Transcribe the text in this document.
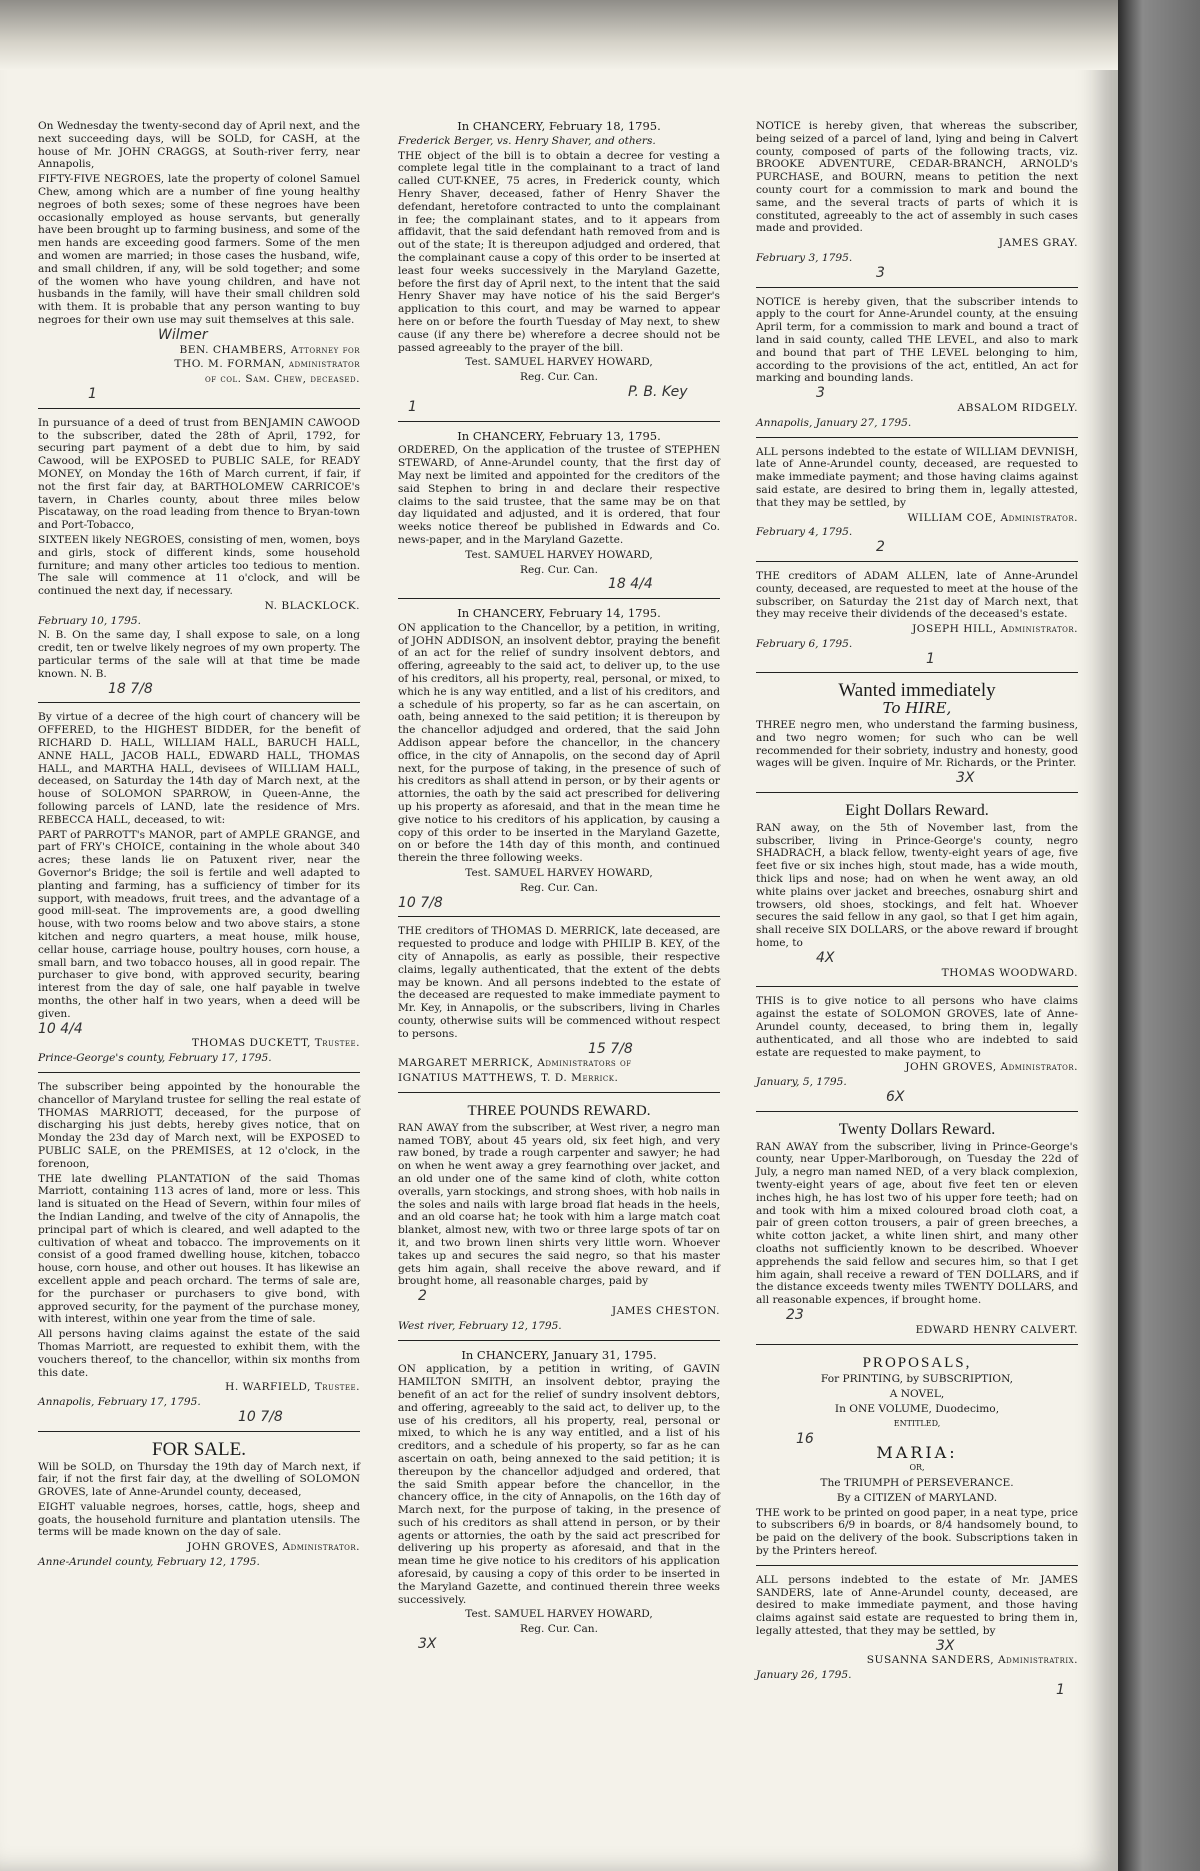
On Wednesday the twenty-second day of April next, and the next succeeding days, will be SOLD, for CASH, at the house of Mr. JOHN CRAGGS, at South-river ferry, near Annapolis,

FIFTY-FIVE NEGROES, late the property of colonel Samuel Chew, among which are a number of fine young healthy negroes of both sexes; some of these negroes have been occasionally employed as house servants, but generally have been brought up to farming business, and some of the men hands are exceeding good farmers. Some of the men and women are married; in those cases the husband, wife, and small children, if any, will be sold together; and some of the women who have young children, and have not husbands in the family, will have their small children sold with them. It is probable that any person wanting to buy negroes for their own use may suit themselves at this sale.

Wilmer

BEN. CHAMBERS, Attorney for

THO. M. FORMAN, administrator

of col. Sam. Chew, deceased.

1

In pursuance of a deed of trust from BENJAMIN CAWOOD to the subscriber, dated the 28th of April, 1792, for securing part payment of a debt due to him, by said Cawood, will be EXPOSED to PUBLIC SALE, for READY MONEY, on Monday the 16th of March current, if fair, if not the first fair day, at BARTHOLOMEW CARRICOE's tavern, in Charles county, about three miles below Piscataway, on the road leading from thence to Bryan-town and Port-Tobacco,

SIXTEEN likely NEGROES, consisting of men, women, boys and girls, stock of different kinds, some household furniture; and many other articles too tedious to mention. The sale will commence at 11 o'clock, and will be continued the next day, if necessary.

N. BLACKLOCK.

February 10, 1795.

N. B. On the same day, I shall expose to sale, on a long credit, ten or twelve likely negroes of my own property. The particular terms of the sale will at that time be made known. N. B.

18 7/8

By virtue of a decree of the high court of chancery will be OFFERED, to the HIGHEST BIDDER, for the benefit of RICHARD D. HALL, WILLIAM HALL, BARUCH HALL, ANNE HALL, JACOB HALL, EDWARD HALL, THOMAS HALL, and MARTHA HALL, devisees of WILLIAM HALL, deceased, on Saturday the 14th day of March next, at the house of SOLOMON SPARROW, in Queen-Anne, the following parcels of LAND, late the residence of Mrs. REBECCA HALL, deceased, to wit:

PART of PARROTT's MANOR, part of AMPLE GRANGE, and part of FRY's CHOICE, containing in the whole about 340 acres; these lands lie on Patuxent river, near the Governor's Bridge; the soil is fertile and well adapted to planting and farming, has a sufficiency of timber for its support, with meadows, fruit trees, and the advantage of a good mill-seat. The improvements are, a good dwelling house, with two rooms below and two above stairs, a stone kitchen and negro quarters, a meat house, milk house, cellar house, carriage house, poultry houses, corn house, a small barn, and two tobacco houses, all in good repair. The purchaser to give bond, with approved security, bearing interest from the day of sale, one half payable in twelve months, the other half in two years, when a deed will be given.

10 4/4

THOMAS DUCKETT, Trustee.

Prince-George's county, February 17, 1795.

The subscriber being appointed by the honourable the chancellor of Maryland trustee for selling the real estate of THOMAS MARRIOTT, deceased, for the purpose of discharging his just debts, hereby gives notice, that on Monday the 23d day of March next, will be EXPOSED to PUBLIC SALE, on the PREMISES, at 12 o'clock, in the forenoon,

THE late dwelling PLANTATION of the said Thomas Marriott, containing 113 acres of land, more or less. This land is situated on the Head of Severn, within four miles of the Indian Landing, and twelve of the city of Annapolis, the principal part of which is cleared, and well adapted to the cultivation of wheat and tobacco. The improvements on it consist of a good framed dwelling house, kitchen, tobacco house, corn house, and other out houses. It has likewise an excellent apple and peach orchard. The terms of sale are, for the purchaser or purchasers to give bond, with approved security, for the payment of the purchase money, with interest, within one year from the time of sale.

All persons having claims against the estate of the said Thomas Marriott, are requested to exhibit them, with the vouchers thereof, to the chancellor, within six months from this date.

H. WARFIELD, Trustee.

Annapolis, February 17, 1795.

10 7/8

FOR SALE.

Will be SOLD, on Thursday the 19th day of March next, if fair, if not the first fair day, at the dwelling of SOLOMON GROVES, late of Anne-Arundel county, deceased,

EIGHT valuable negroes, horses, cattle, hogs, sheep and goats, the household furniture and plantation utensils. The terms will be made known on the day of sale.

JOHN GROVES, Administrator.

Anne-Arundel county, February 12, 1795.

In CHANCERY, February 18, 1795.

Frederick Berger, vs. Henry Shaver, and others.

THE object of the bill is to obtain a decree for vesting a complete legal title in the complainant to a tract of land called CUT-KNEE, 75 acres, in Frederick county, which Henry Shaver, deceased, father of Henry Shaver the defendant, heretofore contracted to unto the complainant in fee; the complainant states, and to it appears from affidavit, that the said defendant hath removed from and is out of the state; It is thereupon adjudged and ordered, that the complainant cause a copy of this order to be inserted at least four weeks successively in the Maryland Gazette, before the first day of April next, to the intent that the said Henry Shaver may have notice of his the said Berger's application to this court, and may be warned to appear here on or before the fourth Tuesday of May next, to shew cause (if any there be) wherefore a decree should not be passed agreeably to the prayer of the bill.

Test. SAMUEL HARVEY HOWARD,

Reg. Cur. Can.

P. B. Key

1

In CHANCERY, February 13, 1795.

ORDERED, On the application of the trustee of STEPHEN STEWARD, of Anne-Arundel county, that the first day of May next be limited and appointed for the creditors of the said Stephen to bring in and declare their respective claims to the said trustee, that the same may be on that day liquidated and adjusted, and it is ordered, that four weeks notice thereof be published in Edwards and Co. news-paper, and in the Maryland Gazette.

Test. SAMUEL HARVEY HOWARD,

Reg. Cur. Can.

18 4/4

In CHANCERY, February 14, 1795.

ON application to the Chancellor, by a petition, in writing, of JOHN ADDISON, an insolvent debtor, praying the benefit of an act for the relief of sundry insolvent debtors, and offering, agreeably to the said act, to deliver up, to the use of his creditors, all his property, real, personal, or mixed, to which he is any way entitled, and a list of his creditors, and a schedule of his property, so far as he can ascertain, on oath, being annexed to the said petition; it is thereupon by the chancellor adjudged and ordered, that the said John Addison appear before the chancellor, in the chancery office, in the city of Annapolis, on the second day of April next, for the purpose of taking, in the presence of such of his creditors as shall attend in person, or by their agents or attornies, the oath by the said act prescribed for delivering up his property as aforesaid, and that in the mean time he give notice to his creditors of his application, by causing a copy of this order to be inserted in the Maryland Gazette, on or before the 14th day of this month, and continued therein the three following weeks.

Test. SAMUEL HARVEY HOWARD,

Reg. Cur. Can.

10 7/8

THE creditors of THOMAS D. MERRICK, late deceased, are requested to produce and lodge with PHILIP B. KEY, of the city of Annapolis, as early as possible, their respective claims, legally authenticated, that the extent of the debts may be known. And all persons indebted to the estate of the deceased are requested to make immediate payment to Mr. Key, in Annapolis, or the subscribers, living in Charles county, otherwise suits will be commenced without respect to persons.

15 7/8

MARGARET MERRICK, Administrators of

IGNATIUS MATTHEWS, T. D. Merrick.

THREE POUNDS REWARD.

RAN AWAY from the subscriber, at West river, a negro man named TOBY, about 45 years old, six feet high, and very raw boned, by trade a rough carpenter and sawyer; he had on when he went away a grey fearnothing over jacket, and an old under one of the same kind of cloth, white cotton overalls, yarn stockings, and strong shoes, with hob nails in the soles and nails with large broad flat heads in the heels, and an old coarse hat; he took with him a large match coat blanket, almost new, with two or three large spots of tar on it, and two brown linen shirts very little worn. Whoever takes up and secures the said negro, so that his master gets him again, shall receive the above reward, and if brought home, all reasonable charges, paid by

2

JAMES CHESTON.

West river, February 12, 1795.

In CHANCERY, January 31, 1795.

ON application, by a petition in writing, of GAVIN HAMILTON SMITH, an insolvent debtor, praying the benefit of an act for the relief of sundry insolvent debtors, and offering, agreeably to the said act, to deliver up, to the use of his creditors, all his property, real, personal or mixed, to which he is any way entitled, and a list of his creditors, and a schedule of his property, so far as he can ascertain on oath, being annexed to the said petition; it is thereupon by the chancellor adjudged and ordered, that the said Smith appear before the chancellor, in the chancery office, in the city of Annapolis, on the 16th day of March next, for the purpose of taking, in the presence of such of his creditors as shall attend in person, or by their agents or attornies, the oath by the said act prescribed for delivering up his property as aforesaid, and that in the mean time he give notice to his creditors of his application aforesaid, by causing a copy of this order to be inserted in the Maryland Gazette, and continued therein three weeks successively.

Test. SAMUEL HARVEY HOWARD,

Reg. Cur. Can.

3X

NOTICE is hereby given, that whereas the subscriber, being seized of a parcel of land, lying and being in Calvert county, composed of parts of the following tracts, viz. BROOKE ADVENTURE, CEDAR-BRANCH, ARNOLD's PURCHASE, and BOURN, means to petition the next county court for a commission to mark and bound the same, and the several tracts of parts of which it is constituted, agreeably to the act of assembly in such cases made and provided.

JAMES GRAY.

February 3, 1795.

3

NOTICE is hereby given, that the subscriber intends to apply to the court for Anne-Arundel county, at the ensuing April term, for a commission to mark and bound a tract of land in said county, called THE LEVEL, and also to mark and bound that part of THE LEVEL belonging to him, according to the provisions of the act, entitled, An act for marking and bounding lands.

3

ABSALOM RIDGELY.

Annapolis, January 27, 1795.

ALL persons indebted to the estate of WILLIAM DEVNISH, late of Anne-Arundel county, deceased, are requested to make immediate payment; and those having claims against said estate, are desired to bring them in, legally attested, that they may be settled, by

WILLIAM COE, Administrator.

February 4, 1795.

2

THE creditors of ADAM ALLEN, late of Anne-Arundel county, deceased, are requested to meet at the house of the subscriber, on Saturday the 21st day of March next, that they may receive their dividends of the deceased's estate.

JOSEPH HILL, Administrator.

February 6, 1795.

1

Wanted immediately
To HIRE,

THREE negro men, who understand the farming business, and two negro women; for such who can be well recommended for their sobriety, industry and honesty, good wages will be given. Inquire of Mr. Richards, or the Printer.

3X

Eight Dollars Reward.

RAN away, on the 5th of November last, from the subscriber, living in Prince-George's county, negro SHADRACH, a black fellow, twenty-eight years of age, five feet five or six inches high, stout made, has a wide mouth, thick lips and nose; had on when he went away, an old white plains over jacket and breeches, osnaburg shirt and trowsers, old shoes, stockings, and felt hat. Whoever secures the said fellow in any gaol, so that I get him again, shall receive SIX DOLLARS, or the above reward if brought home, to

4X

THOMAS WOODWARD.

THIS is to give notice to all persons who have claims against the estate of SOLOMON GROVES, late of Anne-Arundel county, deceased, to bring them in, legally authenticated, and all those who are indebted to said estate are requested to make payment, to

JOHN GROVES, Administrator.

January, 5, 1795.

6X

Twenty Dollars Reward.

RAN AWAY from the subscriber, living in Prince-George's county, near Upper-Marlborough, on Tuesday the 22d of July, a negro man named NED, of a very black complexion, twenty-eight years of age, about five feet ten or eleven inches high, he has lost two of his upper fore teeth; had on and took with him a mixed coloured broad cloth coat, a pair of green cotton trousers, a pair of green breeches, a white cotton jacket, a white linen shirt, and many other cloaths not sufficiently known to be described. Whoever apprehends the said fellow and secures him, so that I get him again, shall receive a reward of TEN DOLLARS, and if the distance exceeds twenty miles TWENTY DOLLARS, and all reasonable expences, if brought home.

23

EDWARD HENRY CALVERT.

PROPOSALS,

For PRINTING, by SUBSCRIPTION,

A NOVEL,

In ONE VOLUME, Duodecimo,

ENTITLED,

16

MARIA:

OR,

The TRIUMPH of PERSEVERANCE.

By a CITIZEN of MARYLAND.

THE work to be printed on good paper, in a neat type, price to subscribers 6/9 in boards, or 8/4 handsomely bound, to be paid on the delivery of the book. Subscriptions taken in by the Printers hereof.

ALL persons indebted to the estate of Mr. JAMES SANDERS, late of Anne-Arundel county, deceased, are desired to make immediate payment, and those having claims against said estate are requested to bring them in, legally attested, that they may be settled, by

3X

SUSANNA SANDERS, Administratrix.

January 26, 1795.

1
